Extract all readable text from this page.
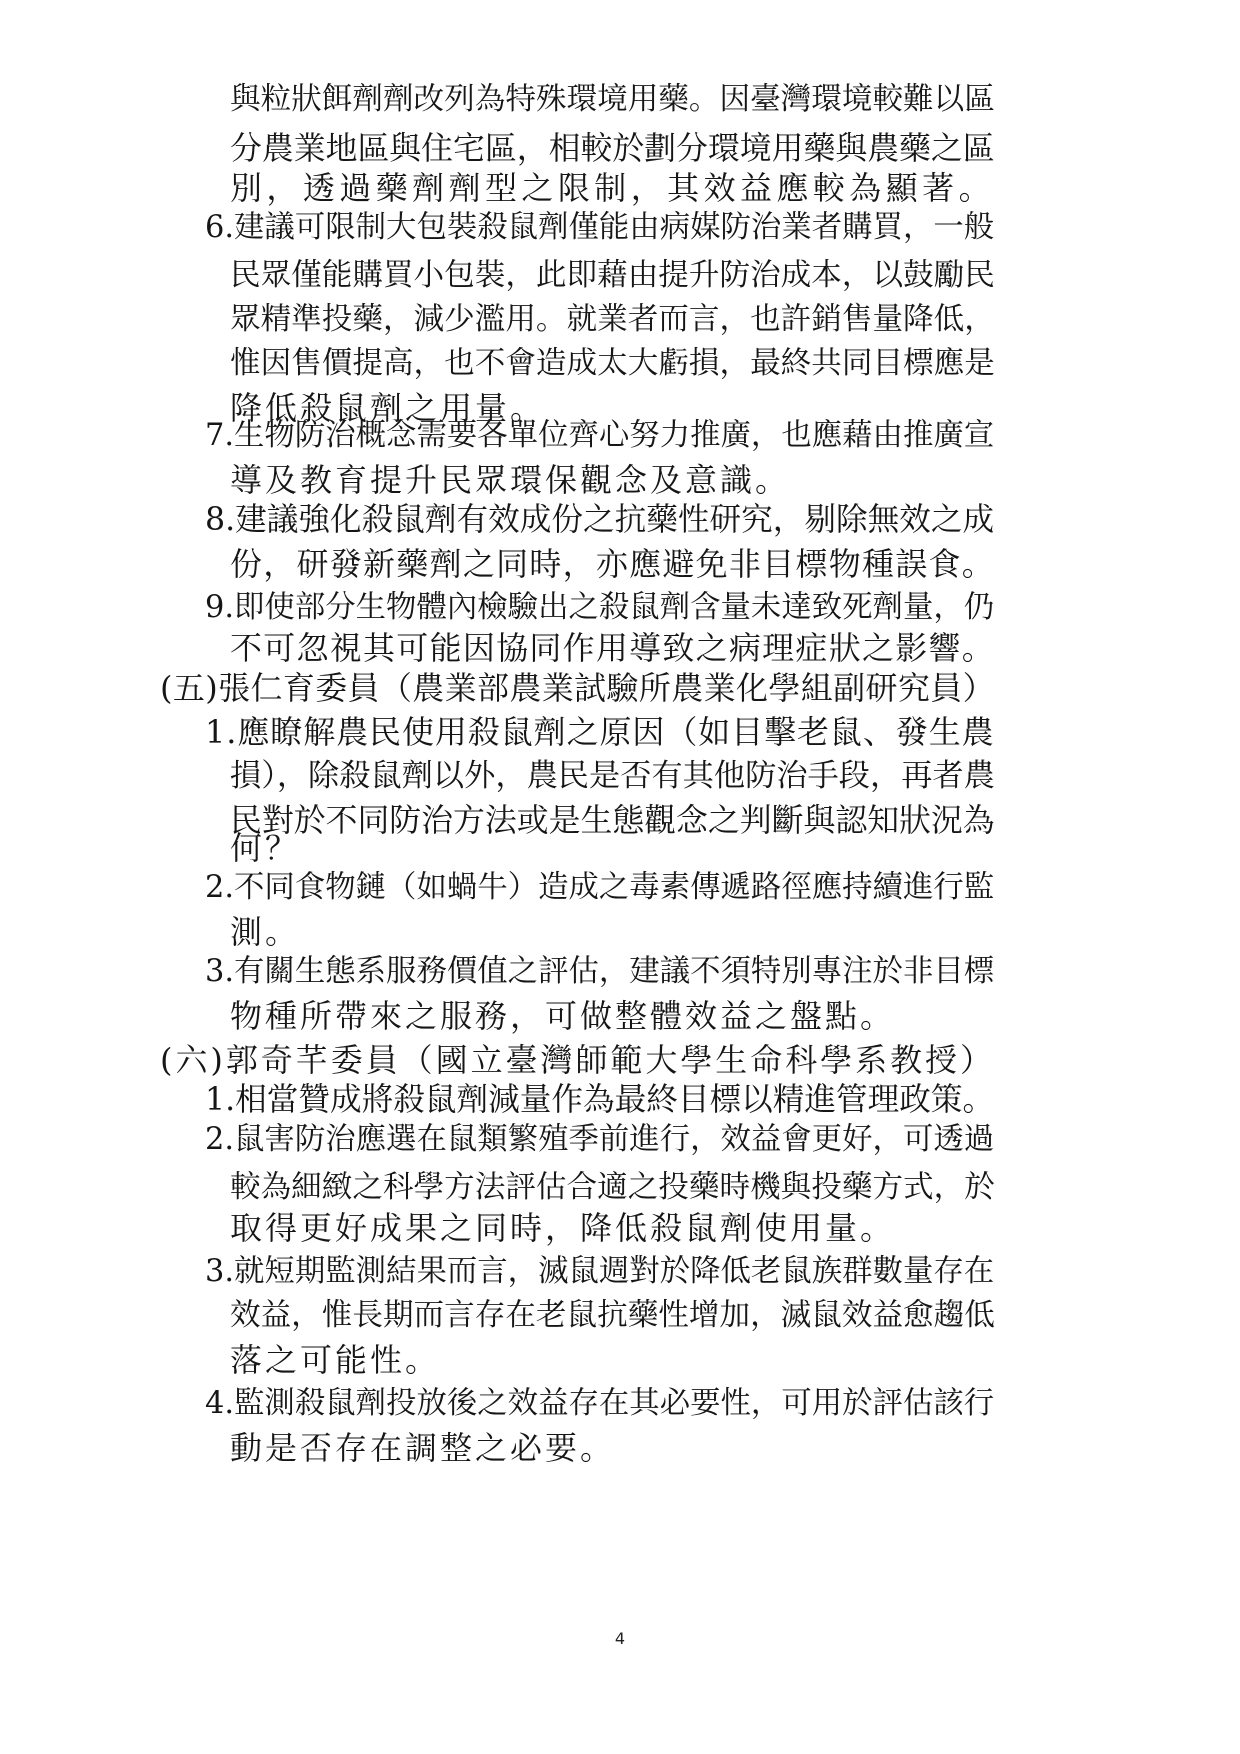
與粒狀餌劑劑改列為特殊環境用藥。因臺灣環境較難以區
分農業地區與住宅區，相較於劃分環境用藥與農藥之區
別，透過藥劑劑型之限制，其效益應較為顯著。
6.建議可限制大包裝殺鼠劑僅能由病媒防治業者購買，一般
民眾僅能購買小包裝，此即藉由提升防治成本，以鼓勵民
眾精準投藥，減少濫用。就業者而言，也許銷售量降低，
惟因售價提高，也不會造成太大虧損，最終共同目標應是
降低殺鼠劑之用量。
7.生物防治概念需要各單位齊心努力推廣，也應藉由推廣宣
導及教育提升民眾環保觀念及意識。
8.建議強化殺鼠劑有效成份之抗藥性研究，剔除無效之成
份，研發新藥劑之同時，亦應避免非目標物種誤食。
9.即使部分生物體內檢驗出之殺鼠劑含量未達致死劑量，仍
不可忽視其可能因協同作用導致之病理症狀之影響。
(五)張仁育委員（農業部農業試驗所農業化學組副研究員）
1.應瞭解農民使用殺鼠劑之原因（如目擊老鼠、發生農
損），除殺鼠劑以外，農民是否有其他防治手段，再者農
民對於不同防治方法或是生態觀念之判斷與認知狀況為
何？
2.不同食物鏈（如蝸牛）造成之毒素傳遞路徑應持續進行監
測。
3.有關生態系服務價值之評估，建議不須特別專注於非目標
物種所帶來之服務，可做整體效益之盤點。
(六)郭奇芊委員（國立臺灣師範大學生命科學系教授）
1.相當贊成將殺鼠劑減量作為最終目標以精進管理政策。
2.鼠害防治應選在鼠類繁殖季前進行，效益會更好，可透過
較為細緻之科學方法評估合適之投藥時機與投藥方式，於
取得更好成果之同時，降低殺鼠劑使用量。
3.就短期監測結果而言，滅鼠週對於降低老鼠族群數量存在
效益，惟長期而言存在老鼠抗藥性增加，滅鼠效益愈趨低
落之可能性。
4.監測殺鼠劑投放後之效益存在其必要性，可用於評估該行
動是否存在調整之必要。
4
